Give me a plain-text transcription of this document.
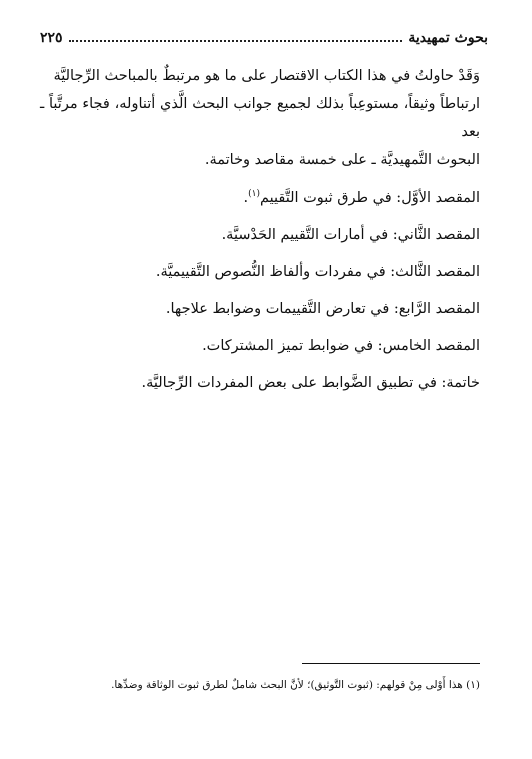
بحوث تمهيدية
٢٢٥

وَقَدْ حاولتُ في هذا الكتاب الاقتصار على ما هو مرتبطٌ بالمباحث الرِّجاليَّة
ارتباطاً وثيقاً، مستوعِباً بذلك لجميع جوانب البحث الَّذي أتناوله، فجاء مرتَّباً ـ بعد
البحوث التَّمهيديَّة ـ على خمسة مقاصد وخاتمة.

المقصد الأوَّل: في طرق ثبوت التَّقييم$^{(١)}$.

المقصد الثَّاني: في أمارات التَّقييم الحَدْسيَّة.

المقصد الثَّالث: في مفردات وألفاظ النُّصوص التَّقييميَّة.

المقصد الرَّابع: في تعارض التَّقييمات وضوابط علاجها.

المقصد الخامس: في ضوابط تميز المشتركات.

خاتمة: في تطبيق الضَّوابط على بعض المفردات الرِّجاليَّة.

(١) هذا أَوْلى مِنْ قولهم: (ثبوت التَّوثيق)؛ لأنَّ البحث شاملٌ لطرق ثبوت الوثاقة وضدِّها.
